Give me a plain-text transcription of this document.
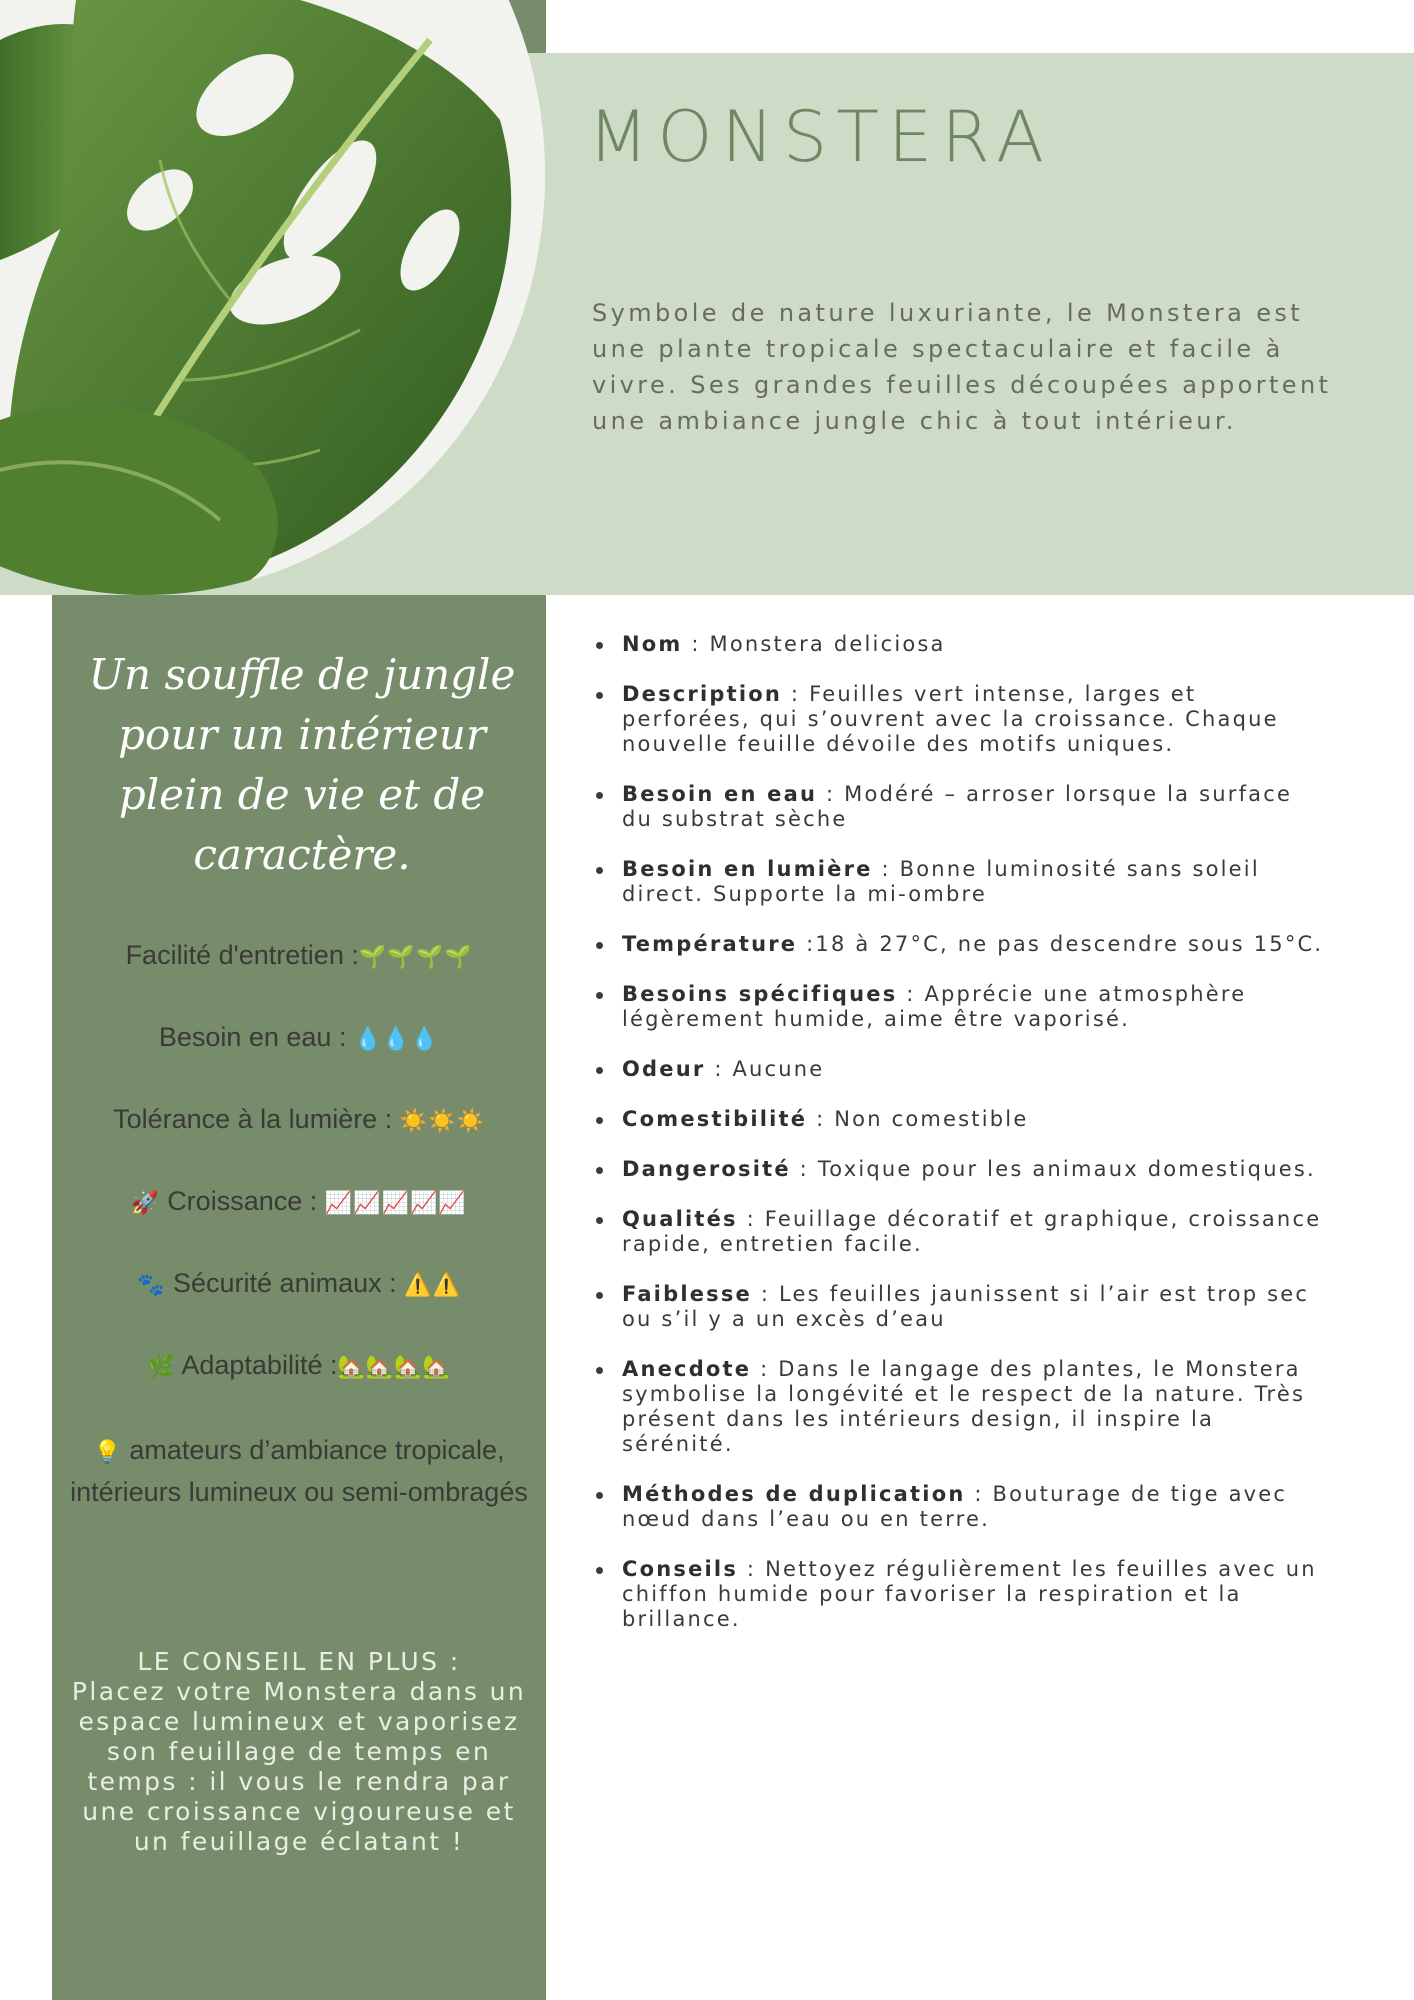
MONSTERA

Symbole de nature luxuriante, le Monstera est une plante tropicale spectaculaire et facile à vivre. Ses grandes feuilles découpées apportent une ambiance jungle chic à tout intérieur.

Un souffle de jungle pour un intérieur plein de vie et de caractère.

Facilité d'entretien :🌱🌱🌱🌱
Besoin en eau : 💧💧💧
Tolérance à la lumière : ☀️☀️☀️
🚀 Croissance : 📈📈📈📈📈
🐾 Sécurité animaux : ⚠️⚠️
🌿 Adaptabilité :🏡🏡🏡🏡
💡 amateurs d’ambiance tropicale, intérieurs lumineux ou semi-ombragés
LE CONSEIL EN PLUS :
Placez votre Monstera dans un espace lumineux et vaporisez son feuillage de temps en temps : il vous le rendra par une croissance vigoureuse et un feuillage éclatant !
Nom : Monstera deliciosa
Description : Feuilles vert intense, larges et perforées, qui s’ouvrent avec la croissance. Chaque nouvelle feuille dévoile des motifs uniques.
Besoin en eau : Modéré – arroser lorsque la surface du substrat sèche
Besoin en lumière : Bonne luminosité sans soleil direct. Supporte la mi-ombre
Température :18 à 27°C, ne pas descendre sous 15°C.
Besoins spécifiques : Apprécie une atmosphère légèrement humide, aime être vaporisé.
Odeur : Aucune
Comestibilité : Non comestible
Dangerosité : Toxique pour les animaux domestiques.
Qualités : Feuillage décoratif et graphique, croissance rapide, entretien facile.
Faiblesse : Les feuilles jaunissent si l’air est trop sec ou s’il y a un excès d’eau
Anecdote : Dans le langage des plantes, le Monstera symbolise la longévité et le respect de la nature. Très présent dans les intérieurs design, il inspire la sérénité.
Méthodes de duplication : Bouturage de tige avec nœud dans l’eau ou en terre.
Conseils : Nettoyez régulièrement les feuilles avec un chiffon humide pour favoriser la respiration et la brillance.
